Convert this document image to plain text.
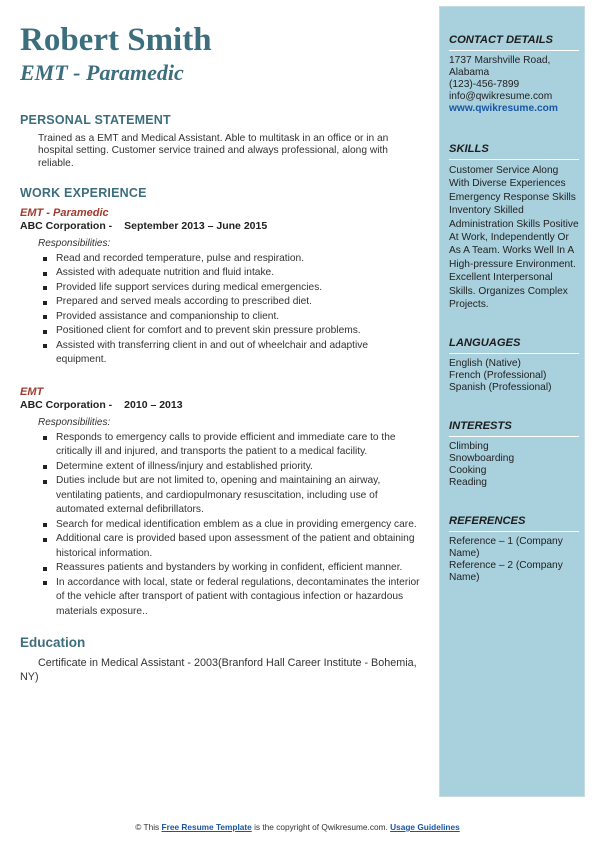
Robert Smith
EMT - Paramedic
PERSONAL STATEMENT

Trained as a EMT and Medical Assistant. Able to multitask in an office or in an hospital setting. Customer service trained and always professional, along with reliable.

WORK EXPERIENCE

EMT - Paramedic

ABC Corporation - September 2013 – June 2015

Responsibilities:

Read and recorded temperature, pulse and respiration.
Assisted with adequate nutrition and fluid intake.
Provided life support services during medical emergencies.
Prepared and served meals according to prescribed diet.
Provided assistance and companionship to client.
Positioned client for comfort and to prevent skin pressure problems.
Assisted with transferring client in and out of wheelchair and adaptive equipment.

EMT

ABC Corporation - 2010 – 2013

Responsibilities:

Responds to emergency calls to provide efficient and immediate care to the critically ill and injured, and transports the patient to a medical facility.
Determine extent of illness/injury and established priority.
Duties include but are not limited to, opening and maintaining an airway, ventilating patients, and cardiopulmonary resuscitation, including use of automated external defibrillators.
Search for medical identification emblem as a clue in providing emergency care.
Additional care is provided based upon assessment of the patient and obtaining historical information.
Reassures patients and bystanders by working in confident, efficient manner.
In accordance with local, state or federal regulations, decontaminates the interior of the vehicle after transport of patient with contagious infection or hazardous materials exposure..
Education

Certificate in Medical Assistant - 2003(Branford Hall Career Institute - Bohemia, NY)

CONTACT DETAILS

1737 Marshville Road, Alabama

(123)-456-7899

info@qwikresume.com

www.qwikresume.com

SKILLS

Customer Service Along With Diverse Experiences Emergency Response Skills Inventory Skilled Administration Skills Positive At Work, Independently Or As A Team. Works Well In A High-pressure Environment. Excellent Interpersonal Skills. Organizes Complex Projects.

LANGUAGES

English (Native)

French (Professional)

Spanish (Professional)

INTERESTS

Climbing

Snowboarding

Cooking

Reading

REFERENCES

Reference – 1 (Company Name)

Reference – 2 (Company Name)

© This Free Resume Template is the copyright of Qwikresume.com. Usage Guidelines
